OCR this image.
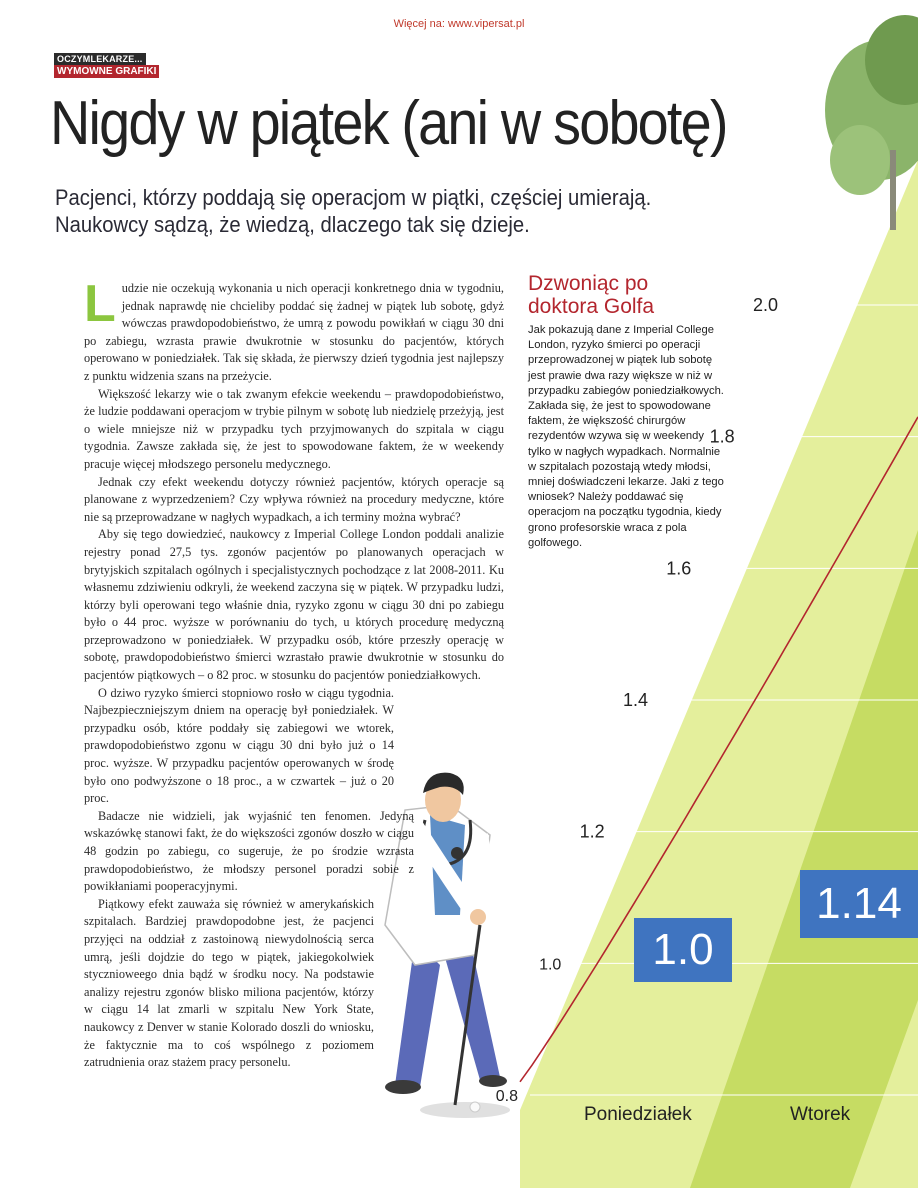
0.8
1.0
1.2
1.4
1.6
1.8
2.0
Więcej na: www.vipersat.pl
OCZYMLEKARZE...
WYMOWNE GRAFIKI
Nigdy w piątek (ani w sobotę)
Pacjenci, którzy poddają się operacjom w piątki, częściej umierają. Naukowcy sądzą, że wiedzą, dlaczego tak się dzieje.

Ludzie nie oczekują wykonania u nich operacji konkretnego dnia w tygodniu, jednak naprawdę nie chcieliby poddać się żadnej w piątek lub sobotę, gdyż wówczas prawdopodobieństwo, że umrą z powodu powikłań w ciągu 30 dni po zabiegu, wzrasta prawie dwukrotnie w stosunku do pacjentów, których operowano w poniedziałek. Tak się składa, że pierwszy dzień tygodnia jest najlepszy z punktu widzenia szans na przeżycie.

Większość lekarzy wie o tak zwanym efekcie weekendu – prawdopodobieństwo, że ludzie poddawani operacjom w trybie pilnym w sobotę lub niedzielę przeżyją, jest o wiele mniejsze niż w przypadku tych przyjmowanych do szpitala w ciągu tygodnia. Zawsze zakłada się, że jest to spowodowane faktem, że w weekendy pracuje więcej młodszego personelu medycznego.

Jednak czy efekt weekendu dotyczy również pacjentów, których operacje są planowane z wyprzedzeniem? Czy wpływa również na procedury medyczne, które nie są przeprowadzane w nagłych wypadkach, a ich terminy można wybrać?

Aby się tego dowiedzieć, naukowcy z Imperial College London poddali analizie rejestry ponad 27,5 tys. zgonów pacjentów po planowanych operacjach w brytyjskich szpitalach ogólnych i specjalistycznych pochodzące z lat 2008-2011. Ku własnemu zdziwieniu odkryli, że weekend zaczyna się w piątek. W przypadku ludzi, którzy byli operowani tego właśnie dnia, ryzyko zgonu w ciągu 30 dni po zabiegu było o 44 proc. wyższe w porównaniu do tych, u których procedurę medyczną przeprowadzono w poniedziałek. W przypadku osób, które przeszły operację w sobotę, prawdopodobieństwo śmierci wzrastało prawie dwukrotnie w stosunku do pacjentów piątkowych – o 82 proc. w stosunku do pacjentów poniedziałkowych.

O dziwo ryzyko śmierci stopniowo rosło w ciągu tygodnia. Najbezpieczniejszym dniem na operację był poniedziałek. W przypadku osób, które poddały się zabiegowi we wtorek, prawdopodobieństwo zgonu w ciągu 30 dni było już o 14 proc. wyższe. W przypadku pacjentów operowanych w środę było ono podwyższone o 18 proc., a w czwartek – już o 20 proc.

Badacze nie widzieli, jak wyjaśnić ten fenomen. Jedyną wskazówkę stanowi fakt, że do większości zgonów doszło w ciągu 48 godzin po zabiegu, co sugeruje, że po środzie wzrasta prawdopodobieństwo, że młodszy personel poradzi sobie z powikłaniami pooperacyjnymi.

Piątkowy efekt zauważa się również w amerykańskich szpitalach. Bardziej prawdopodobne jest, że pacjenci przyjęci na oddział z zastoinową niewydolnością serca umrą, jeśli dojdzie do tego w piątek, jakiegokolwiek stycznioweego dnia bądź w środku nocy. Na podstawie analizy rejestru zgonów blisko miliona pacjentów, którzy w ciągu 14 lat zmarli w szpitalu New York State, naukowcy z Denver w stanie Kolorado doszli do wniosku, że faktycznie ma to coś wspólnego z poziomem zatrudnienia oraz stażem pracy personelu.

Dzwoniąc po doktora Golfa
Jak pokazują dane z Imperial College London, ryzyko śmierci po operacji przeprowadzonej w piątek lub sobotę jest prawie dwa razy większe w niż w przypadku zabiegów poniedziałkowych. Zakłada się, że jest to spowodowane faktem, że większość chirurgów rezydentów wzywa się w weekendy tylko w nagłych wypadkach. Normalnie w szpitalach pozostają wtedy młodsi, mniej doświadczeni lekarze. Jaki z tego wniosek? Należy poddawać się operacjom na początku tygodnia, kiedy grono profesorskie wraca z pola golfowego.
1.0
1.14
Poniedziałek	Wtorek
